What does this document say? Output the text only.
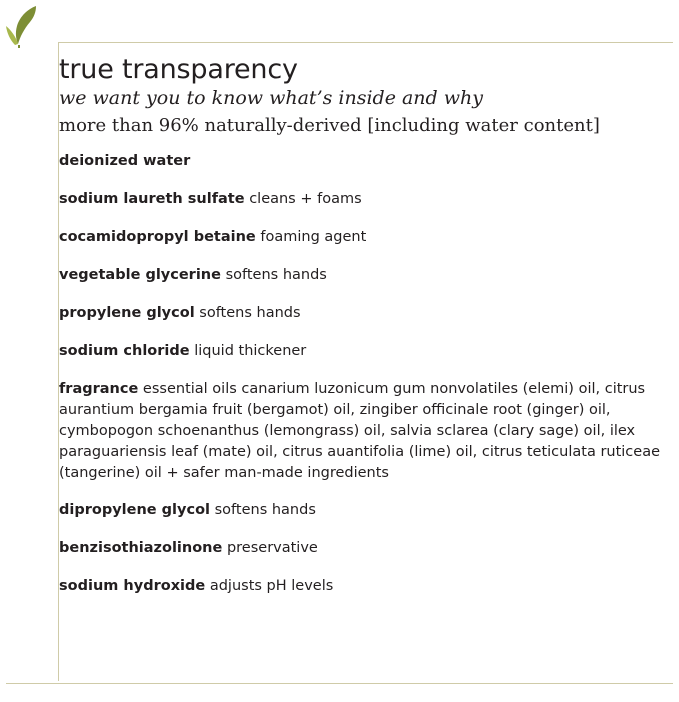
true transparency
we want you to know what’s inside and why
more than 96% naturally-derived [including water content]

deionized water

sodium laureth sulfate cleans + foams

cocamidopropyl betaine foaming agent

vegetable glycerine softens hands

propylene glycol softens hands

sodium chloride liquid thickener

fragrance essential oils canarium luzonicum gum nonvolatiles (elemi) oil, citrus aurantium bergamia fruit (bergamot) oil, zingiber officinale root (ginger) oil, cymbopogon schoenanthus (lemongrass) oil, salvia sclarea (clary sage) oil, ilex paraguariensis leaf (mate) oil, citrus auantifolia (lime) oil, citrus teticulata ruticeae (tangerine) oil + safer man-made ingredients

dipropylene glycol softens hands

benzisothiazolinone preservative

sodium hydroxide adjusts pH levels
